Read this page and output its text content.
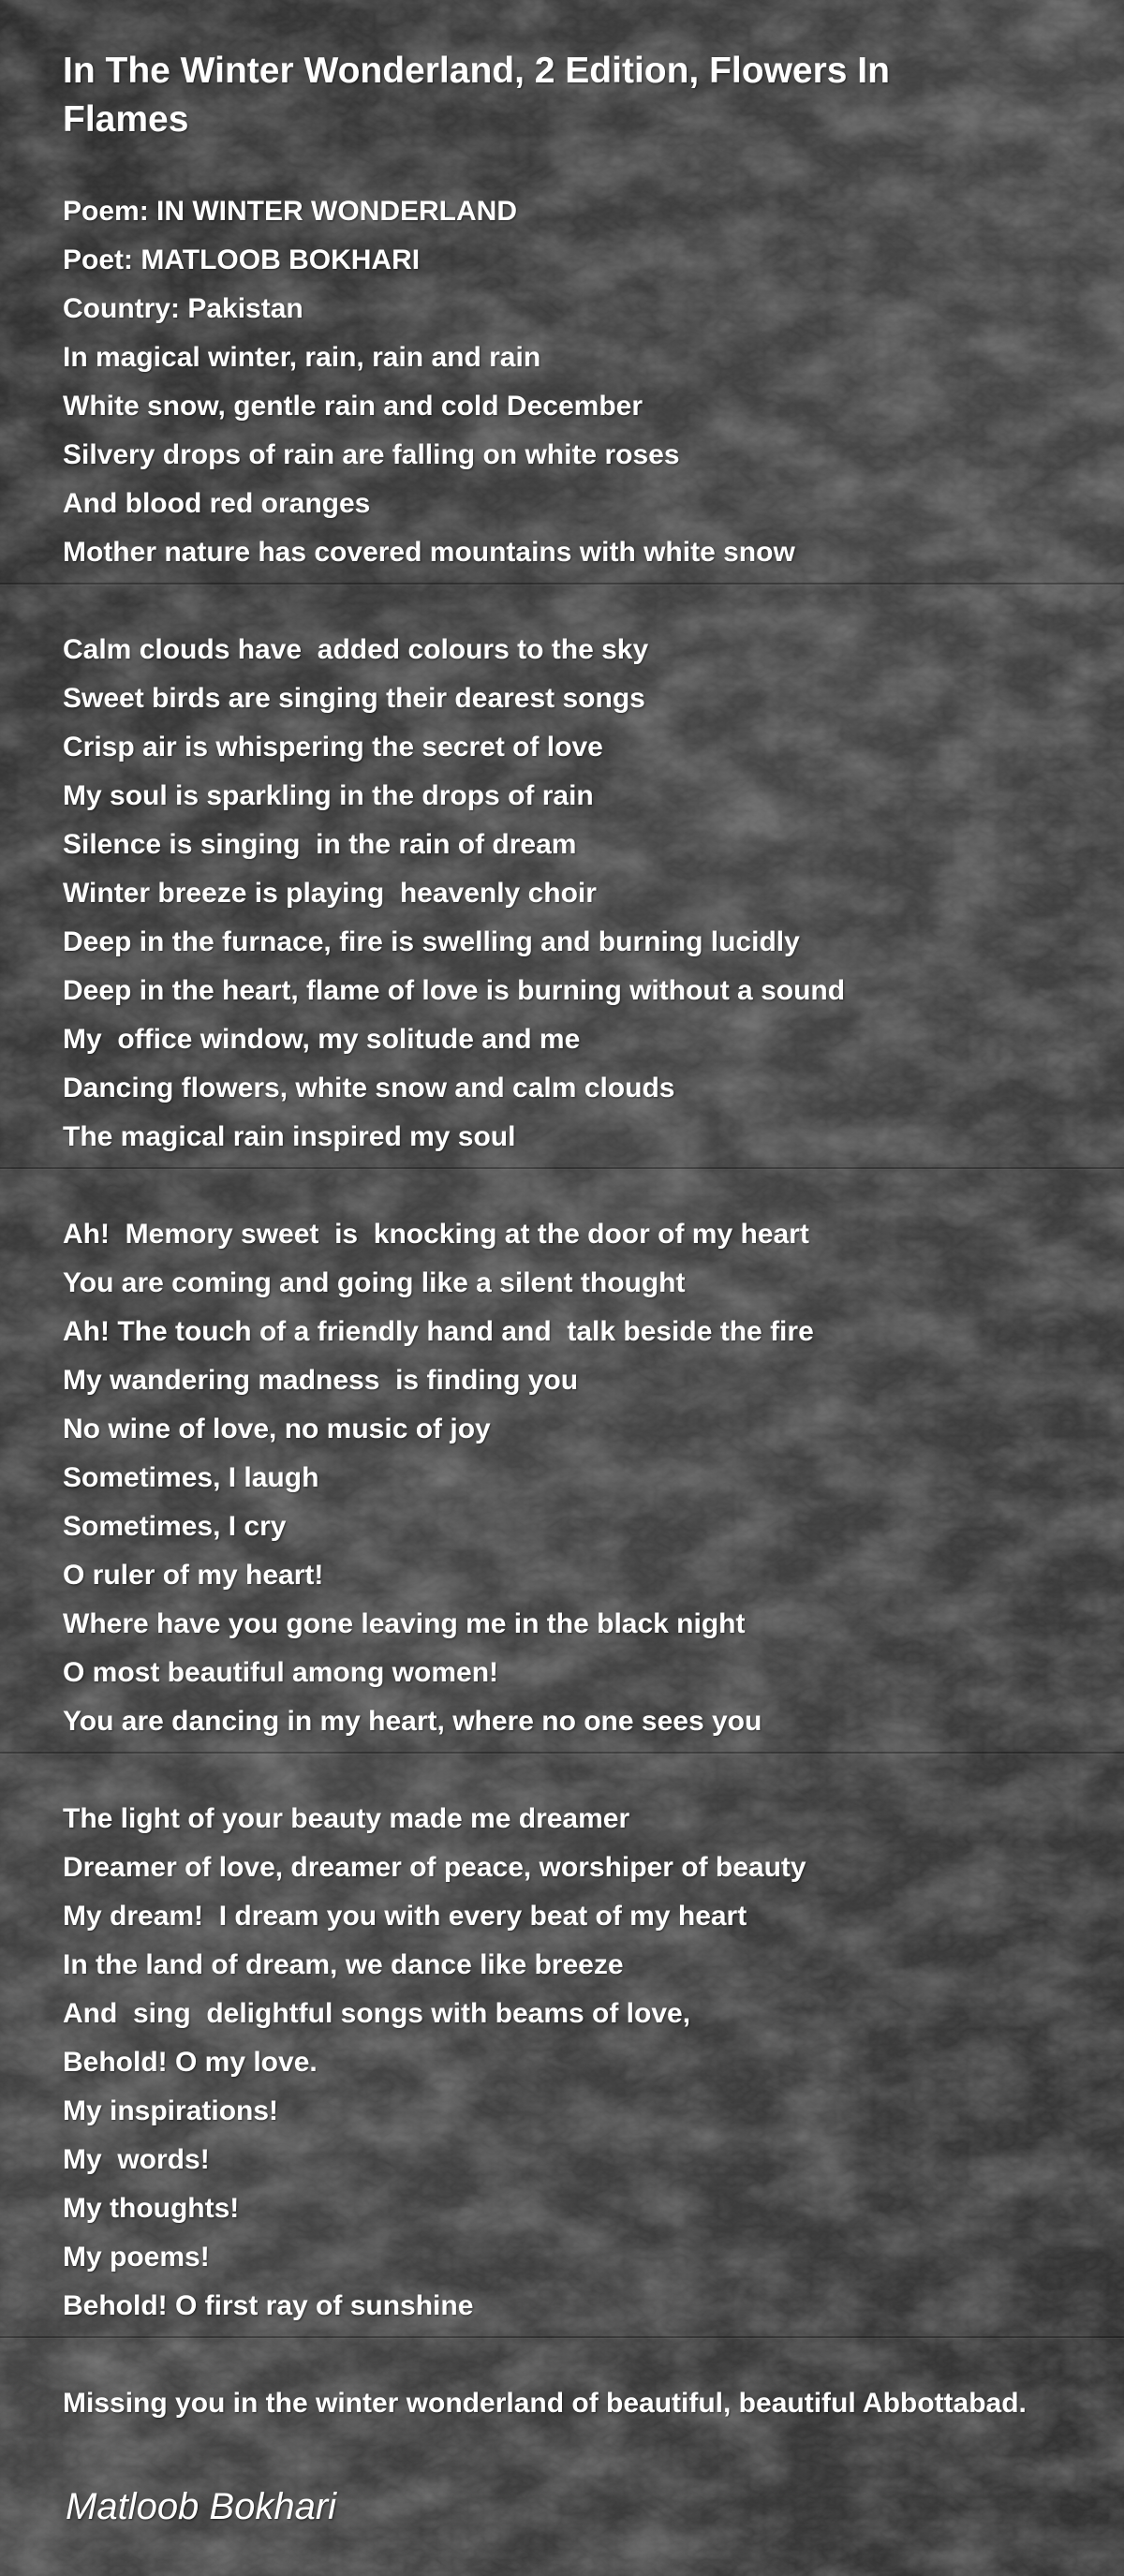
In The Winter Wonderland, 2 Edition, Flowers In Flames
Poem: IN WINTER WONDERLAND
Poet: MATLOOB BOKHARI
Country: Pakistan
In magical winter, rain, rain and rain
White snow, gentle rain and cold December
Silvery drops of rain are falling on white roses
And blood red oranges
Mother nature has covered mountains with white snow
Calm clouds have  added colours to the sky
Sweet birds are singing their dearest songs
Crisp air is whispering the secret of love
My soul is sparkling in the drops of rain
Silence is singing  in the rain of dream
Winter breeze is playing  heavenly choir
Deep in the furnace, fire is swelling and burning lucidly
Deep in the heart, flame of love is burning without a sound
My  office window, my solitude and me
Dancing flowers, white snow and calm clouds
The magical rain inspired my soul
Ah!  Memory sweet  is  knocking at the door of my heart
You are coming and going like a silent thought
Ah! The touch of a friendly hand and  talk beside the fire
My wandering madness  is finding you
No wine of love, no music of joy
Sometimes, I laugh
Sometimes, I cry
O ruler of my heart!
Where have you gone leaving me in the black night
O most beautiful among women!
You are dancing in my heart, where no one sees you
The light of your beauty made me dreamer
Dreamer of love, dreamer of peace, worshiper of beauty
My dream!  I dream you with every beat of my heart
In the land of dream, we dance like breeze
And  sing  delightful songs with beams of love,
Behold! O my love.
My inspirations!
My  words!
My thoughts!
My poems!
Behold! O first ray of sunshine
Missing you in the winter wonderland of beautiful, beautiful Abbottabad.
Matloob Bokhari
